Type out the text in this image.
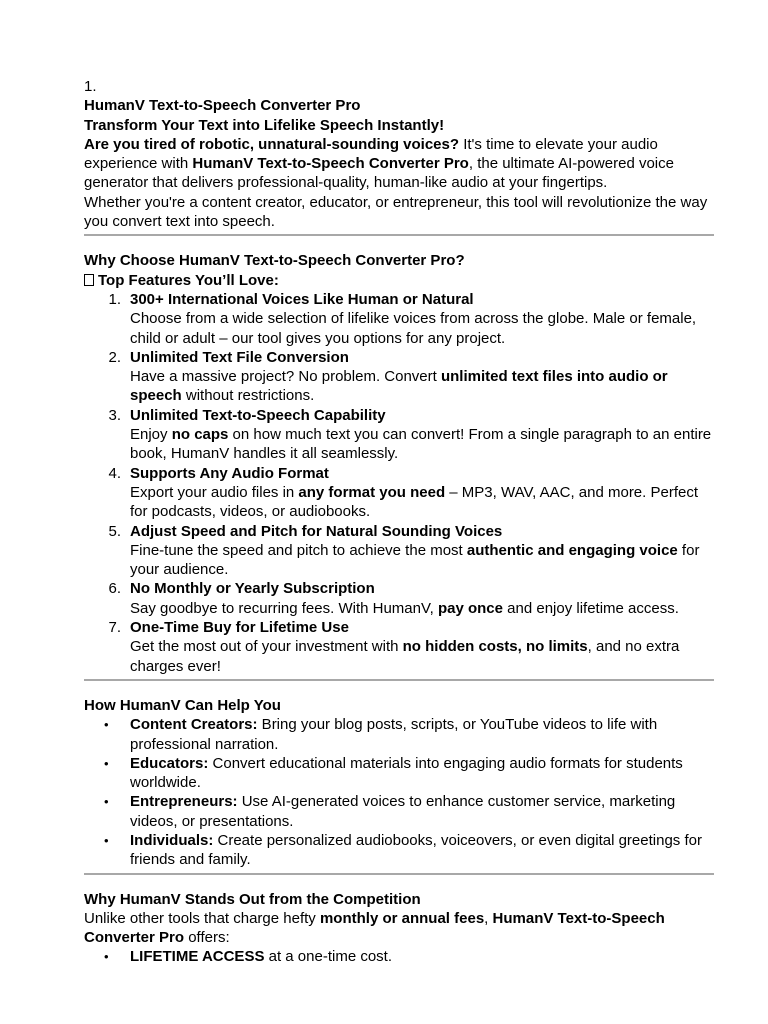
1.

HumanV Text-to-Speech Converter Pro

Transform Your Text into Lifelike Speech Instantly!

Are you tired of robotic, unnatural-sounding voices? It's time to elevate your audio experience with HumanV Text-to-Speech Converter Pro, the ultimate AI-powered voice generator that delivers professional-quality, human-like audio at your fingertips.

Whether you're a content creator, educator, or entrepreneur, this tool will revolutionize the way you convert text into speech.

Why Choose HumanV Text-to-Speech Converter Pro?

Top Features You’ll Love:

1. 300+ International Voices Like Human or Natural
Choose from a wide selection of lifelike voices from across the globe. Male or female, child or adult – our tool gives you options for any project.
2. Unlimited Text File Conversion
Have a massive project? No problem. Convert unlimited text files into audio or speech without restrictions.
3. Unlimited Text-to-Speech Capability
Enjoy no caps on how much text you can convert! From a single paragraph to an entire book, HumanV handles it all seamlessly.
4. Supports Any Audio Format
Export your audio files in any format you need – MP3, WAV, AAC, and more. Perfect for podcasts, videos, or audiobooks.
5. Adjust Speed and Pitch for Natural Sounding Voices
Fine-tune the speed and pitch to achieve the most authentic and engaging voice for your audience.
6. No Monthly or Yearly Subscription
Say goodbye to recurring fees. With HumanV, pay once and enjoy lifetime access.
7. One-Time Buy for Lifetime Use
Get the most out of your investment with no hidden costs, no limits, and no extra charges ever!

How HumanV Can Help You

• Content Creators: Bring your blog posts, scripts, or YouTube videos to life with professional narration.
• Educators: Convert educational materials into engaging audio formats for students worldwide.
• Entrepreneurs: Use AI-generated voices to enhance customer service, marketing videos, or presentations.
• Individuals: Create personalized audiobooks, voiceovers, or even digital greetings for friends and family.

Why HumanV Stands Out from the Competition

Unlike other tools that charge hefty monthly or annual fees, HumanV Text-to-Speech Converter Pro offers:

• LIFETIME ACCESS at a one-time cost.
